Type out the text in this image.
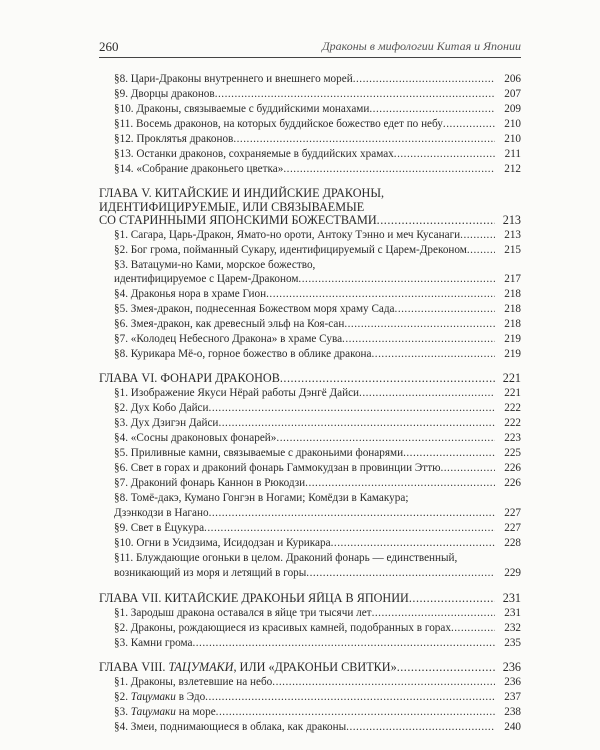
260	Драконы в мифологии Китая и Японии
§8. Цари-Драконы внутреннего и внешнего морей .....	206
§9. Дворцы драконов .....	207
§10. Драконы, связываемые с буддийскими монахами .....	209
§11. Восемь драконов, на которых буддийское божество едет по небу .....	210
§12. Проклятья драконов .....	210
§13. Останки драконов, сохраняемые в буддийских храмах .....	211
§14. «Собрание драконьего цветка» .....	212
ГЛАВА V. КИТАЙСКИЕ И ИНДИЙСКИЕ ДРАКОНЫ,
ИДЕНТИФИЦИРУЕМЫЕ, ИЛИ СВЯЗЫВАЕМЫЕ
СО СТАРИННЫМИ ЯПОНСКИМИ БОЖЕСТВАМИ .....	213
§1. Сагара, Царь-Дракон, Ямато-но ороти, Антоку Тэнно и меч Кусанаги .....	213
§2. Бог грома, пойманный Сукару, идентифицируемый с Царем-Дреконом .....	215
§3. Ватацуми-но Ками, морское божество,
идентифицируемое с Царем-Драконом .....	217
§4. Драконья нора в храме Гион .....	218
§5. Змея-дракон, поднесенная Божеством моря храму Сада .....	218
§6. Змея-дракон, как древесный эльф на Коя-сан .....	218
§7. «Колодец Небесного Дракона» в храме Сува .....	219
§8. Курикара Мё-о, горное божество в облике дракона .....	219
ГЛАВА VI. ФОНАРИ ДРАКОНОВ .....	221
§1. Изображение Якуси Нёрай работы Дэнгё Дайси .....	221
§2. Дух Кобо Дайси .....	222
§3. Дух Дзигэн Дайси .....	222
§4. «Сосны драконовых фонарей» .....	223
§5. Приливные камни, связываемые с драконьими фонарями .....	225
§6. Свет в горах и драконий фонарь Гаммокудзан в провинции Эттю .....	226
§7. Драконий фонарь Каннон в Рюкодзи .....	226
§8. Томё-дакэ, Кумано Гонгэн в Ногами; Комёдзи в Камакура;
Дзэнкодзи в Нагано .....	227
§9. Свет в Ёцукура .....	227
§10. Огни в Усидзима, Исидодзан и Курикара .....	228
§11. Блуждающие огоньки в целом. Драконий фонарь — единственный,
возникающий из моря и летящий в горы .....	229
ГЛАВА VII. КИТАЙСКИЕ ДРАКОНЬИ ЯЙЦА В ЯПОНИИ .....	231
§1. Зародыш дракона оставался в яйце три тысячи лет .....	231
§2. Драконы, рождающиеся из красивых камней, подобранных в горах .....	232
§3. Камни грома .....	235
ГЛАВА VIII. ТАЦУМАКИ, ИЛИ «ДРАКОНЬИ СВИТКИ» .....	236
§1. Драконы, взлетевшие на небо .....	236
§2. Тацумаки в Эдо .....	237
§3. Тацумаки на море .....	238
§4. Змеи, поднимающиеся в облака, как драконы .....	240
